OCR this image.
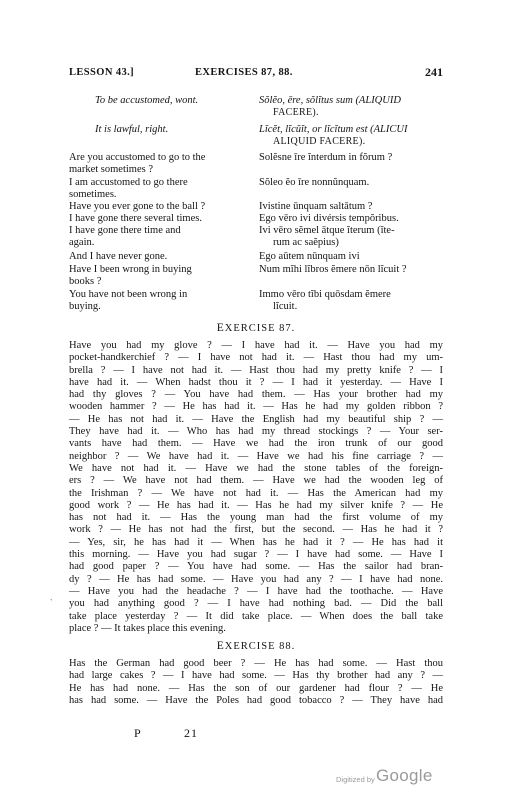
LESSON 43.]	EXERCISES 87, 88.	241
To be accustomed, wont.	Sŏlĕo, ēre, sŏlĭtus sum (ALIQUID
FACERE).
It is lawful, right.	Lĭcĕt, lĭcŭĭt, or lĭcĭtum est (ALICUI
ALIQUID FACERE).
Are you accustomed to go to the
market sometimes ?
Solĕsne īre ĭnterdum in fŏrum ?
I am accustomed to go there
sometimes.
Sŏleo ĕo īre nonnŭnquam.
Have you ever gone to the ball ?	Ivistine ūnquam saltātum ?
I have gone there several times.	Ego vēro ivi divérsis tempŏribus.
I have gone there time and
again.
Ivi vēro sĕmel ātque ĭterum (ĭte-
rum ac saĕpius)
And I have never gone.	Ego aūtem nūnquam ivi
Have I been wrong in buying
books ?
Num mĭhi lĭbros ĕmere nōn lĭcuit ?
You have not been wrong in
buying.
Immo vēro tĭbi quōsdam ĕmere
lĭcuit.
EXERCISE 87.
Have you had my glove ? — I have had it. — Have you had my
pocket-handkerchief ? — I have not had it. — Hast thou had my um-
brella ? — I have not had it. — Hast thou had my pretty knife ? — I
have had it. — When hadst thou it ? — I had it yesterday. — Have I
had thy gloves ? — You have had them. — Has your brother had my
wooden hammer ? — He has had it. — Has he had my golden ribbon ?
— He has not had it. — Have the English had my beautiful ship ? —
They have had it. — Who has had my thread stockings ? — Your ser-
vants have had them. — Have we had the iron trunk of our good
neighbor ? — We have had it. — Have we had his fine carriage ? —
We have not had it. — Have we had the stone tables of the foreign-
ers ? — We have not had them. — Have we had the wooden leg of
the Irishman ? — We have not had it. — Has the American had my
good work ? — He has had it. — Has he had my silver knife ? — He
has not had it. — Has the young man had the first volume of my
work ? — He has not had the first, but the second. — Has he had it ?
— Yes, sir, he has had it — When has he had it ? — He has had it
this morning. — Have you had sugar ? — I have had some. — Have I
had good paper ? — You have had some. — Has the sailor had bran-
dy ? — He has had some. — Have you had any ? — I have had none.
— Have you had the headache ? — I have had the toothache. — Have
you had anything good ? — I have had nothing bad. — Did the ball
take place yesterday ? — It did take place. — When does the ball take
place ? — It takes place this evening.
EXERCISE 88.
Has the German had good beer ? — He has had some. — Hast thou
had large cakes ? — I have had some. — Has thy brother had any ? —
He has had none. — Has the son of our gardener had flour ? — He
has had some. — Have the Poles had good tobacco ? — They have had
`
P	21
Digitized by Google
